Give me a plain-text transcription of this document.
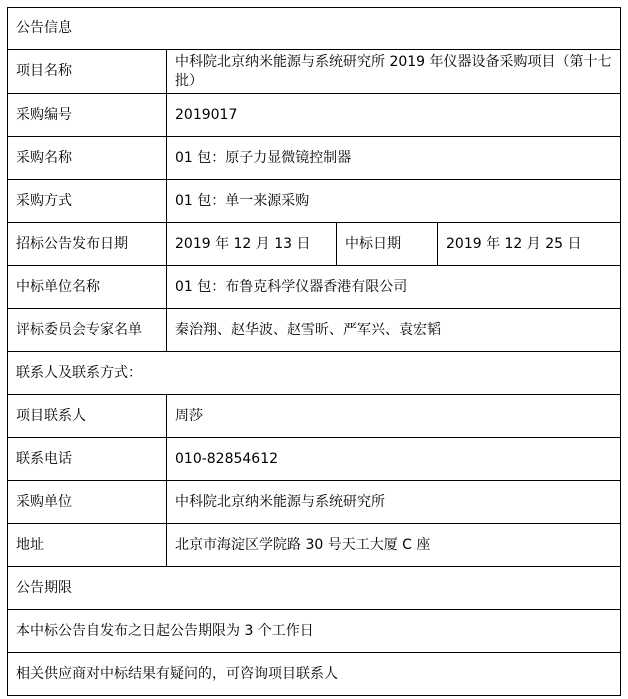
公告信息			
项目名称	中科院北京纳米能源与系统研究所 2019 年仪器设备采购项目（第十七批）		
采购编号	2019017		
采购名称	01 包：原子力显微镜控制器		
采购方式	01 包：单一来源采购		
招标公告发布日期	2019 年 12 月 13 日	中标日期	2019 年 12 月 25 日
中标单位名称	01 包：布鲁克科学仪器香港有限公司		
评标委员会专家名单	秦治翔、赵华波、赵雪昕、严军兴、袁宏韬		
联系人及联系方式：			
项目联系人	周莎		
联系电话	010-82854612		
采购单位	中科院北京纳米能源与系统研究所		
地址	北京市海淀区学院路 30 号天工大厦 C 座		
公告期限			
本中标公告自发布之日起公告期限为 3 个工作日			
相关供应商对中标结果有疑问的，可咨询项目联系人			
